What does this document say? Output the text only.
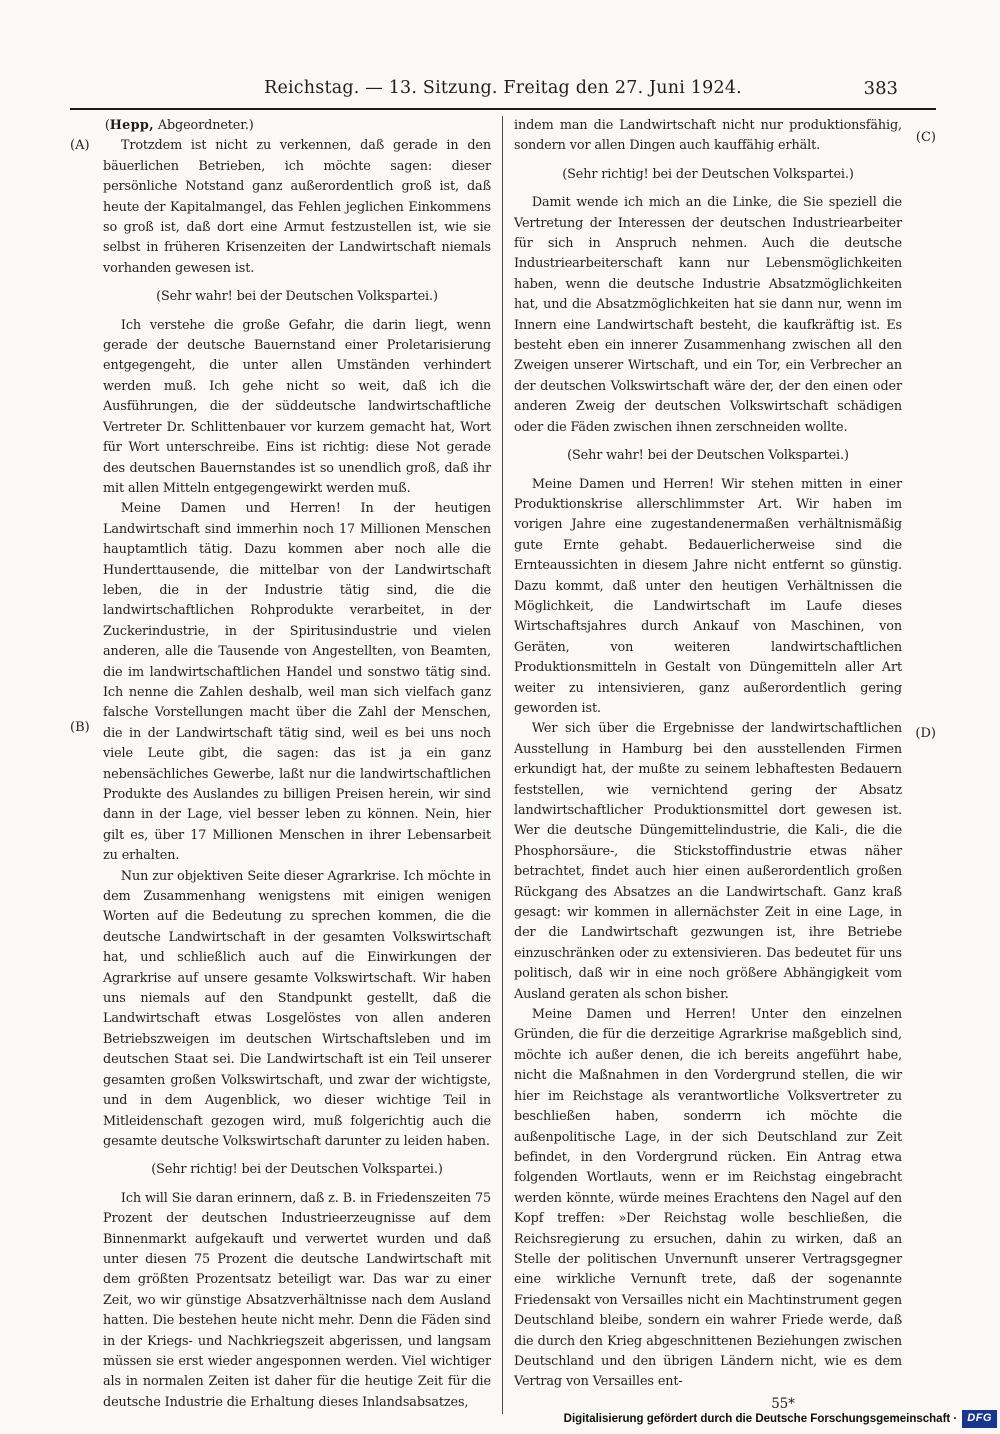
Reichstag. — 13. Sitzung. Freitag den 27. Juni 1924.	383
(A)
(B)
(C)
(D)

(Hepp, Abgeordneter.)

Trotzdem ist nicht zu verkennen, daß gerade in den bäuerlichen Betrieben, ich möchte sagen: dieser persönliche Notstand ganz außerordentlich groß ist, daß heute der Kapitalmangel, das Fehlen jeglichen Einkommens so groß ist, daß dort eine Armut festzustellen ist, wie sie selbst in früheren Krisenzeiten der Landwirtschaft niemals vorhanden gewesen ist.

(Sehr wahr! bei der Deutschen Volkspartei.)

Ich verstehe die große Gefahr, die darin liegt, wenn gerade der deutsche Bauernstand einer Proletarisierung entgegengeht, die unter allen Umständen verhindert werden muß. Ich gehe nicht so weit, daß ich die Ausführungen, die der süddeutsche landwirtschaftliche Vertreter Dr. Schlittenbauer vor kurzem gemacht hat, Wort für Wort unterschreibe. Eins ist richtig: diese Not gerade des deutschen Bauernstandes ist so unendlich groß, daß ihr mit allen Mitteln entgegengewirkt werden muß.

Meine Damen und Herren! In der heutigen Landwirtschaft sind immerhin noch 17 Millionen Menschen hauptamtlich tätig. Dazu kommen aber noch alle die Hunderttausende, die mittelbar von der Landwirtschaft leben, die in der Industrie tätig sind, die die landwirtschaftlichen Rohprodukte verarbeitet, in der Zuckerindustrie, in der Spiritusindustrie und vielen anderen, alle die Tausende von Angestellten, von Beamten, die im landwirtschaftlichen Handel und sonstwo tätig sind. Ich nenne die Zahlen deshalb, weil man sich vielfach ganz falsche Vorstellungen macht über die Zahl der Menschen, die in der Landwirtschaft tätig sind, weil es bei uns noch viele Leute gibt, die sagen: das ist ja ein ganz nebensächliches Gewerbe, laßt nur die landwirtschaftlichen Produkte des Auslandes zu billigen Preisen herein, wir sind dann in der Lage, viel besser leben zu können. Nein, hier gilt es, über 17 Millionen Menschen in ihrer Lebensarbeit zu erhalten.

Nun zur objektiven Seite dieser Agrarkrise. Ich möchte in dem Zusammenhang wenigstens mit einigen wenigen Worten auf die Bedeutung zu sprechen kommen, die die deutsche Landwirtschaft in der gesamten Volkswirtschaft hat, und schließlich auch auf die Einwirkungen der Agrarkrise auf unsere gesamte Volkswirtschaft. Wir haben uns niemals auf den Standpunkt gestellt, daß die Landwirtschaft etwas Losgelöstes von allen anderen Betriebszweigen im deutschen Wirtschaftsleben und im deutschen Staat sei. Die Landwirtschaft ist ein Teil unserer gesamten großen Volkswirtschaft, und zwar der wichtigste, und in dem Augenblick, wo dieser wichtige Teil in Mitleidenschaft gezogen wird, muß folgerichtig auch die gesamte deutsche Volkswirtschaft darunter zu leiden haben.

(Sehr richtig! bei der Deutschen Volkspartei.)

Ich will Sie daran erinnern, daß z. B. in Friedenszeiten 75 Prozent der deutschen Industrieerzeugnisse auf dem Binnenmarkt aufgekauft und verwertet wurden und daß unter diesen 75 Prozent die deutsche Landwirtschaft mit dem größten Prozentsatz beteiligt war. Das war zu einer Zeit, wo wir günstige Absatzverhältnisse nach dem Ausland hatten. Die bestehen heute nicht mehr. Denn die Fäden sind in der Kriegs- und Nachkriegszeit abgerissen, und langsam müssen sie erst wieder angesponnen werden. Viel wichtiger als in normalen Zeiten ist daher für die heutige Zeit für die deutsche Industrie die Erhaltung dieses Inlandsabsatzes,

indem man die Landwirtschaft nicht nur produktionsfähig, sondern vor allen Dingen auch kauffähig erhält.

(Sehr richtig! bei der Deutschen Volkspartei.)

Damit wende ich mich an die Linke, die Sie speziell die Vertretung der Interessen der deutschen Industriearbeiter für sich in Anspruch nehmen. Auch die deutsche Industriearbeiterschaft kann nur Lebensmöglichkeiten haben, wenn die deutsche Industrie Absatzmöglichkeiten hat, und die Absatzmöglichkeiten hat sie dann nur, wenn im Innern eine Landwirtschaft besteht, die kaufkräftig ist. Es besteht eben ein innerer Zusammenhang zwischen all den Zweigen unserer Wirtschaft, und ein Tor, ein Verbrecher an der deutschen Volkswirtschaft wäre der, der den einen oder anderen Zweig der deutschen Volkswirtschaft schädigen oder die Fäden zwischen ihnen zerschneiden wollte.

(Sehr wahr! bei der Deutschen Volkspartei.)

Meine Damen und Herren! Wir stehen mitten in einer Produktionskrise allerschlimmster Art. Wir haben im vorigen Jahre eine zugestandenermaßen verhältnismäßig gute Ernte gehabt. Bedauerlicherweise sind die Ernteaussichten in diesem Jahre nicht entfernt so günstig. Dazu kommt, daß unter den heutigen Verhältnissen die Möglichkeit, die Landwirtschaft im Laufe dieses Wirtschaftsjahres durch Ankauf von Maschinen, von Geräten, von weiteren landwirtschaftlichen Produktionsmitteln in Gestalt von Düngemitteln aller Art weiter zu intensivieren, ganz außerordentlich gering geworden ist.

Wer sich über die Ergebnisse der landwirtschaftlichen Ausstellung in Hamburg bei den ausstellenden Firmen erkundigt hat, der mußte zu seinem lebhaftesten Bedauern feststellen, wie vernichtend gering der Absatz landwirtschaftlicher Produktionsmittel dort gewesen ist. Wer die deutsche Düngemittelindustrie, die Kali-, die die Phosphorsäure-, die Stickstoffindustrie etwas näher betrachtet, findet auch hier einen außerordentlich großen Rückgang des Absatzes an die Landwirtschaft. Ganz kraß gesagt: wir kommen in allernächster Zeit in eine Lage, in der die Landwirtschaft gezwungen ist, ihre Betriebe einzuschränken oder zu extensivieren. Das bedeutet für uns politisch, daß wir in eine noch größere Abhängigkeit vom Ausland geraten als schon bisher.

Meine Damen und Herren! Unter den einzelnen Gründen, die für die derzeitige Agrarkrise maßgeblich sind, möchte ich außer denen, die ich bereits angeführt habe, nicht die Maßnahmen in den Vordergrund stellen, die wir hier im Reichstage als verantwortliche Volksvertreter zu beschließen haben, sonderrn ich möchte die außenpolitische Lage, in der sich Deutschland zur Zeit befindet, in den Vordergrund rücken. Ein Antrag etwa folgenden Wortlauts, wenn er im Reichstag eingebracht werden könnte, würde meines Erachtens den Nagel auf den Kopf treffen: »Der Reichstag wolle beschließen, die Reichsregierung zu ersuchen, dahin zu wirken, daß an Stelle der politischen Unvernunft unserer Vertragsgegner eine wirkliche Vernunft trete, daß der sogenannte Friedensakt von Versailles nicht ein Machtinstrument gegen Deutschland bleibe, sondern ein wahrer Friede werde, daß die durch den Krieg abgeschnittenen Beziehungen zwischen Deutschland und den übrigen Ländern nicht, wie es dem Vertrag von Versailles ent-

55*

Digitalisierung gefördert durch die Deutsche Forschungsgemeinschaft · DFG
